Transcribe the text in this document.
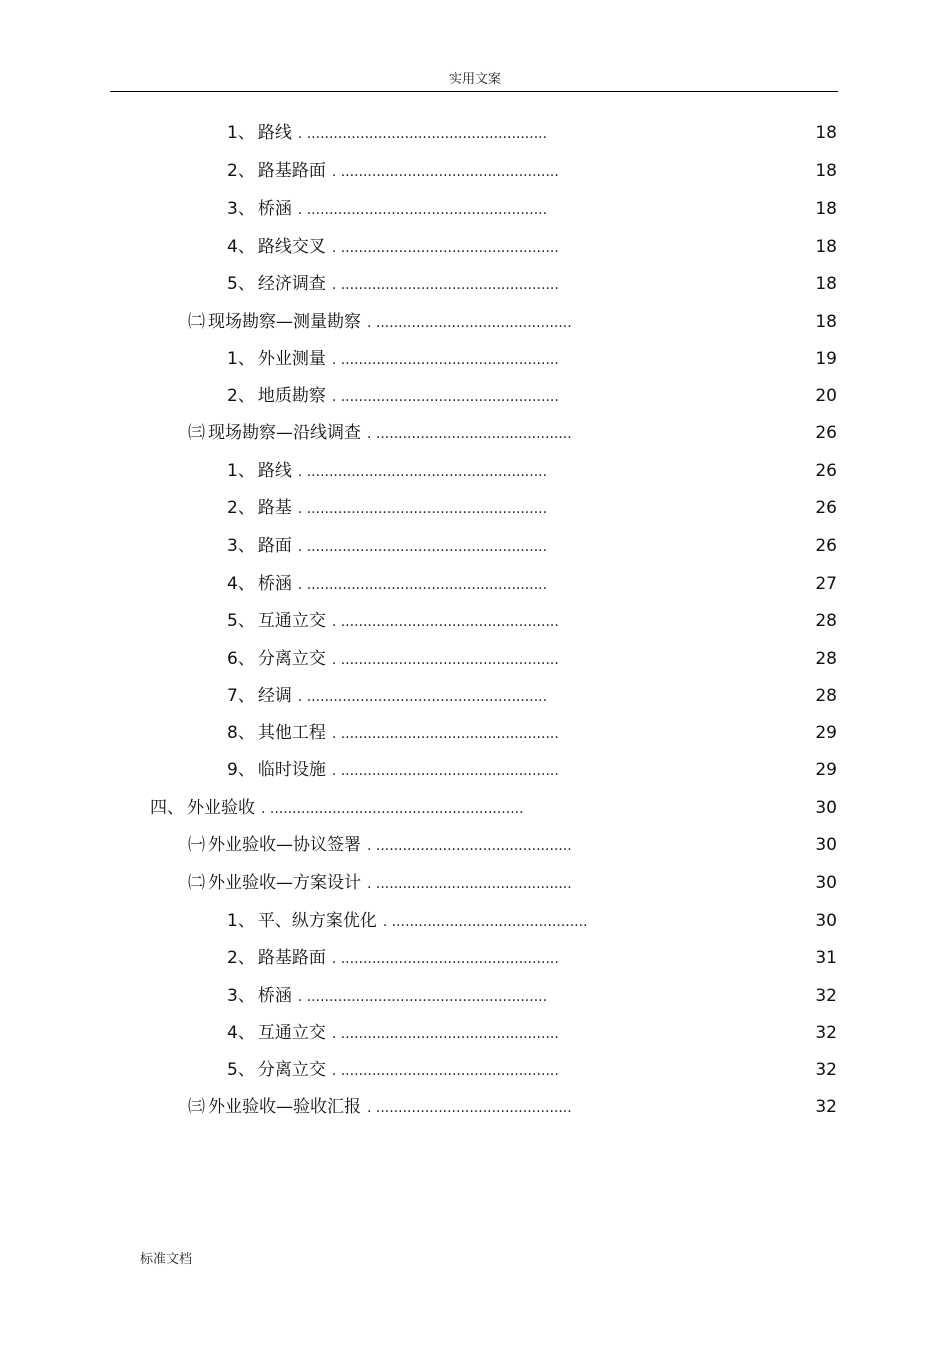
实用文案
1、 路线 . ......................................................	18
2、 路基路面 . .................................................	18
3、 桥涵 . ......................................................	18
4、 路线交叉 . .................................................	18
5、 经济调查 . .................................................	18
㈡ 现场勘察—测量勘察 . ............................................	18
1、 外业测量 . .................................................	19
2、 地质勘察 . .................................................	20
㈢ 现场勘察—沿线调查 . ............................................	26
1、 路线 . ......................................................	26
2、 路基 . ......................................................	26
3、 路面 . ......................................................	26
4、 桥涵 . ......................................................	27
5、 互通立交 . .................................................	28
6、 分离立交 . .................................................	28
7、 经调 . ......................................................	28
8、 其他工程 . .................................................	29
9、 临时设施 . .................................................	29
四、 外业验收 . .........................................................	30
㈠ 外业验收—协议签署 . ............................................	30
㈡ 外业验收—方案设计 . ............................................	30
1、 平、纵方案优化 . ............................................	30
2、 路基路面 . .................................................	31
3、 桥涵 . ......................................................	32
4、 互通立交 . .................................................	32
5、 分离立交 . .................................................	32
㈢ 外业验收—验收汇报 . ............................................	32
标准文档
